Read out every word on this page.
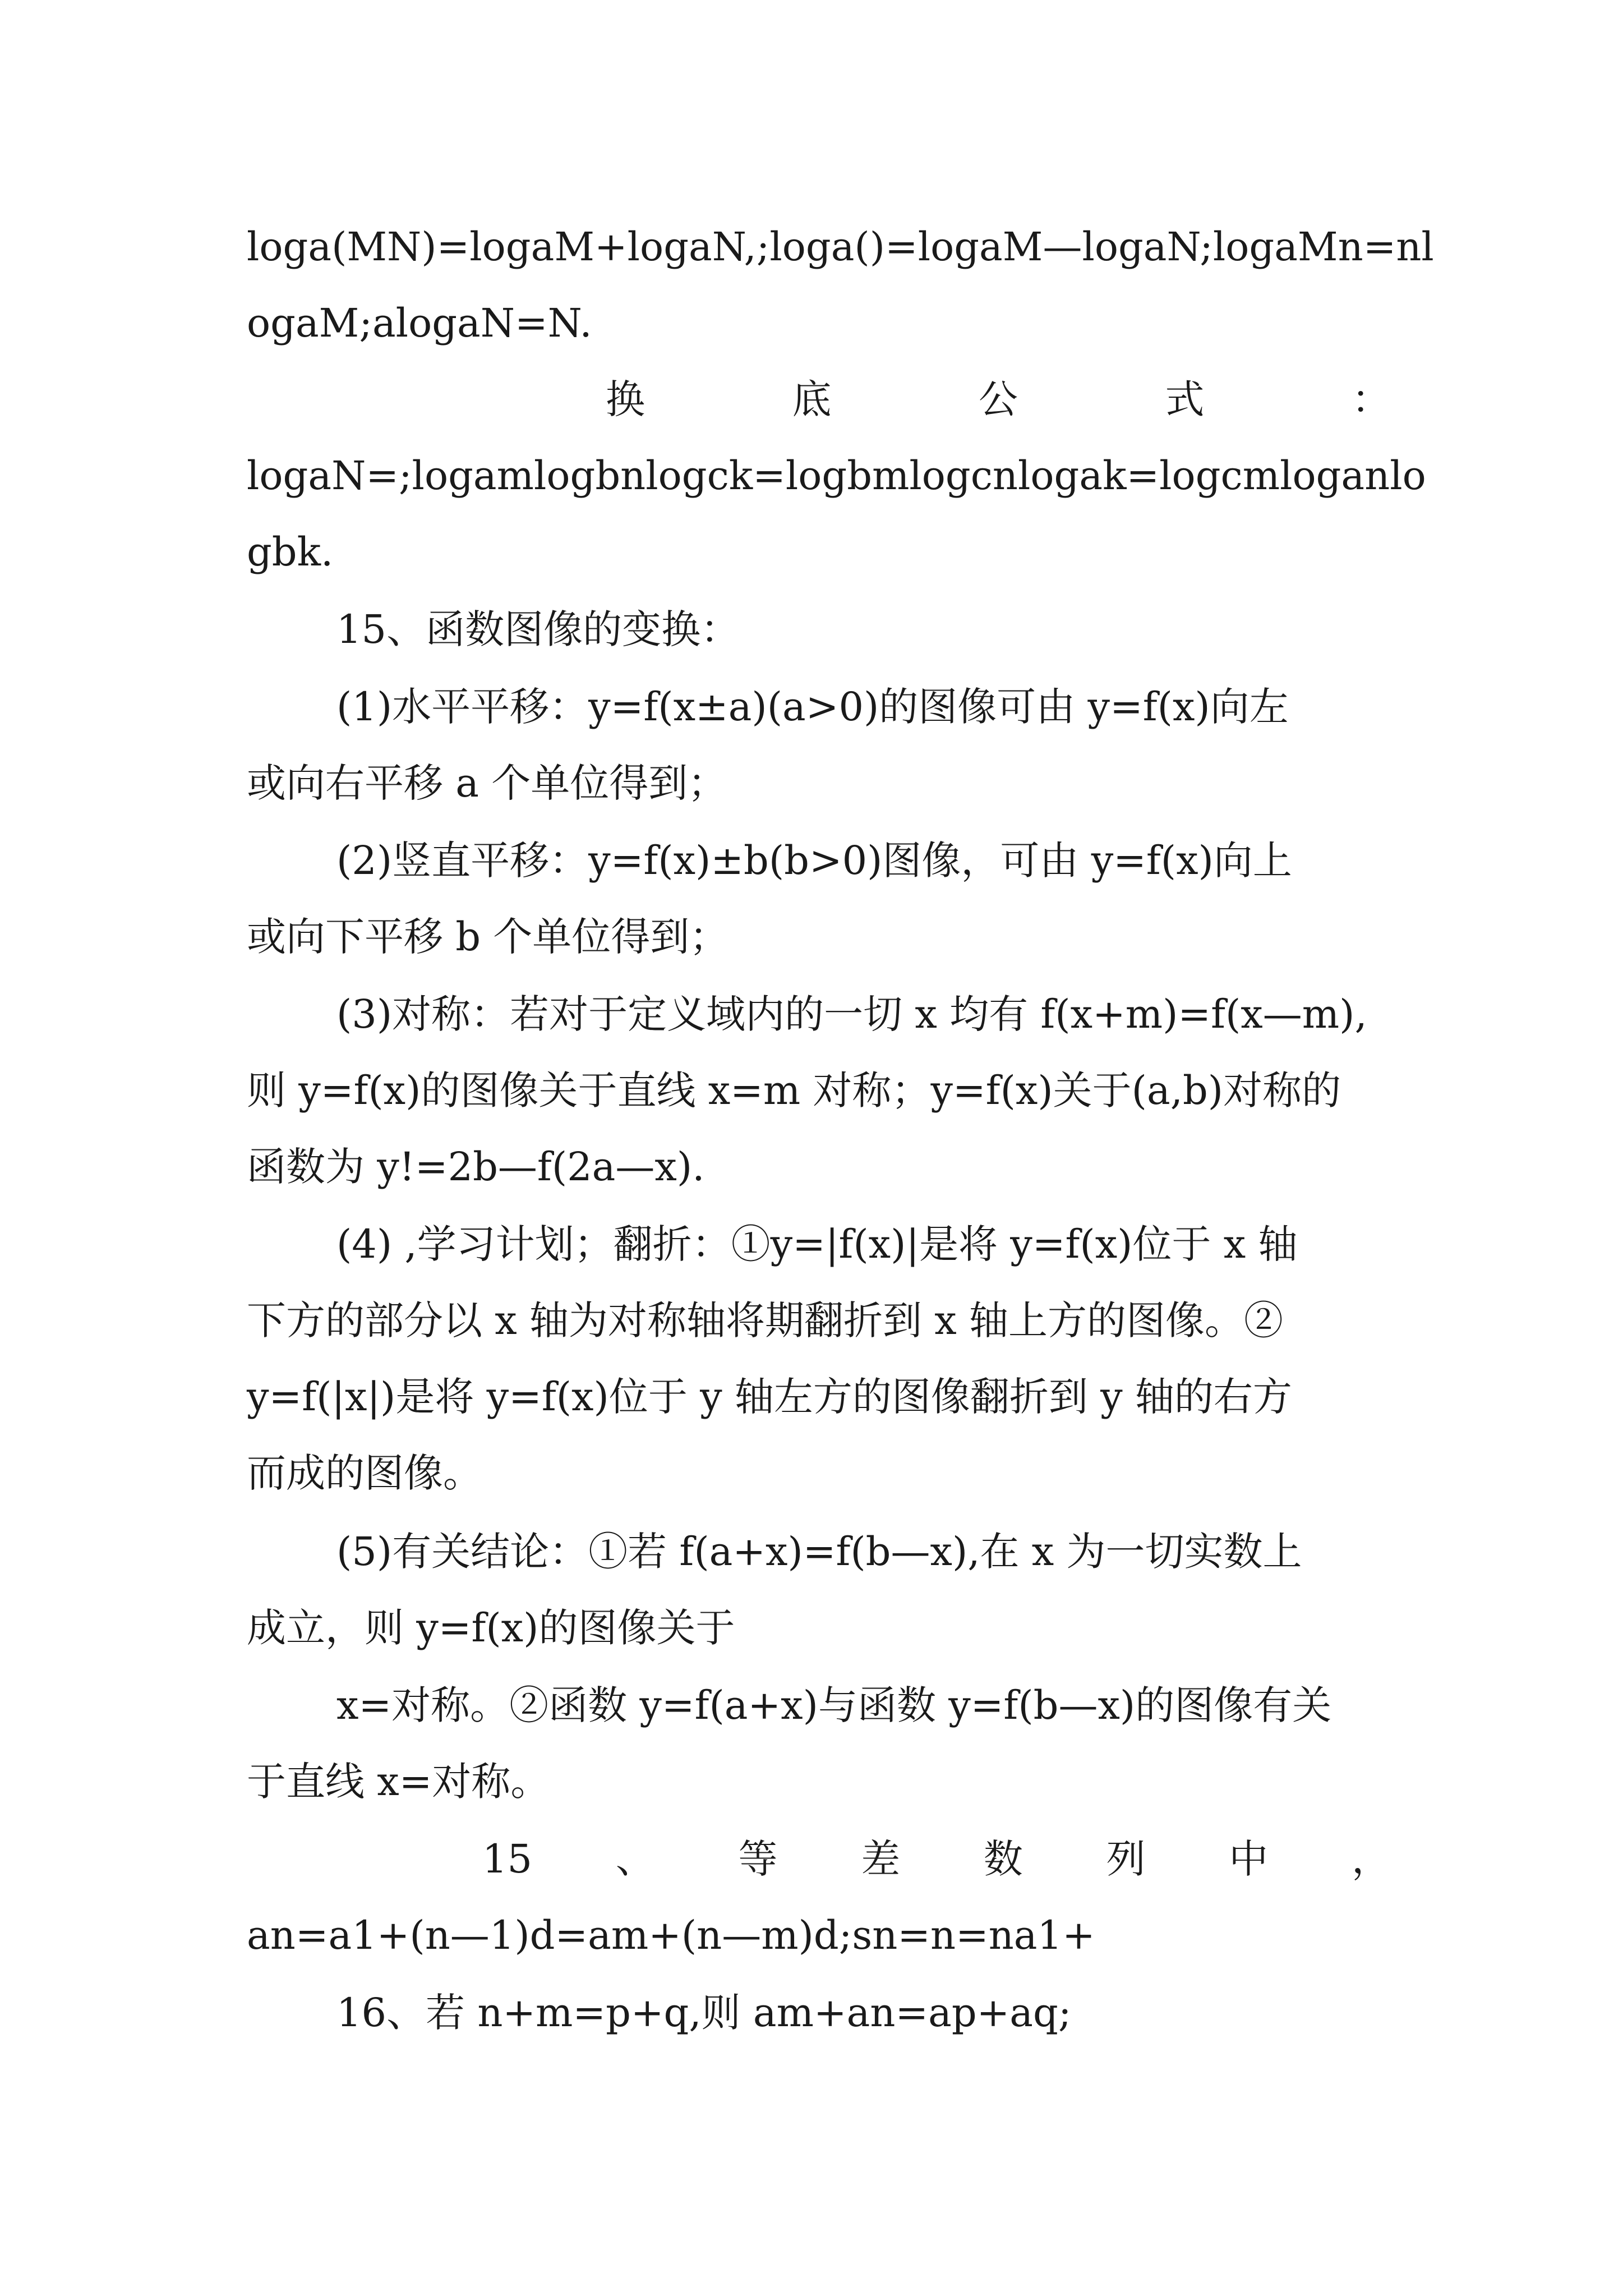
loga(MN)=logaM+logaN,;loga()=logaM—logaN;logaMn=nl
ogaM;alogaN=N.
换	底	公	式	：
logaN=;logamlogbnlogck=logbmlogcnlogak=logcmloganlo
gbk.
15、函数图像的变换：
(1)水平平移：y=f(x±a)(a>0)的图像可由 y=f(x)向左
或向右平移 a 个单位得到；
(2)竖直平移：y=f(x)±b(b>0)图像，可由 y=f(x)向上
或向下平移 b 个单位得到；
(3)对称：若对于定义域内的一切 x 均有 f(x+m)=f(x—m),
则 y=f(x)的图像关于直线 x=m 对称；y=f(x)关于(a,b)对称的
函数为 y!=2b—f(2a—x).
(4) ,学习计划；翻折：①y=|f(x)|是将 y=f(x)位于 x 轴
下方的部分以 x 轴为对称轴将期翻折到 x 轴上方的图像。②
y=f(|x|)是将 y=f(x)位于 y 轴左方的图像翻折到 y 轴的右方
而成的图像。
(5)有关结论：①若 f(a+x)=f(b—x),在 x 为一切实数上
成立，则 y=f(x)的图像关于
x=对称。②函数 y=f(a+x)与函数 y=f(b—x)的图像有关
于直线 x=对称。
15 、 等 差 数 列 中 ，
an=a1+(n—1)d=am+(n—m)d;sn=n=na1+
16、若 n+m=p+q,则 am+an=ap+aq;
